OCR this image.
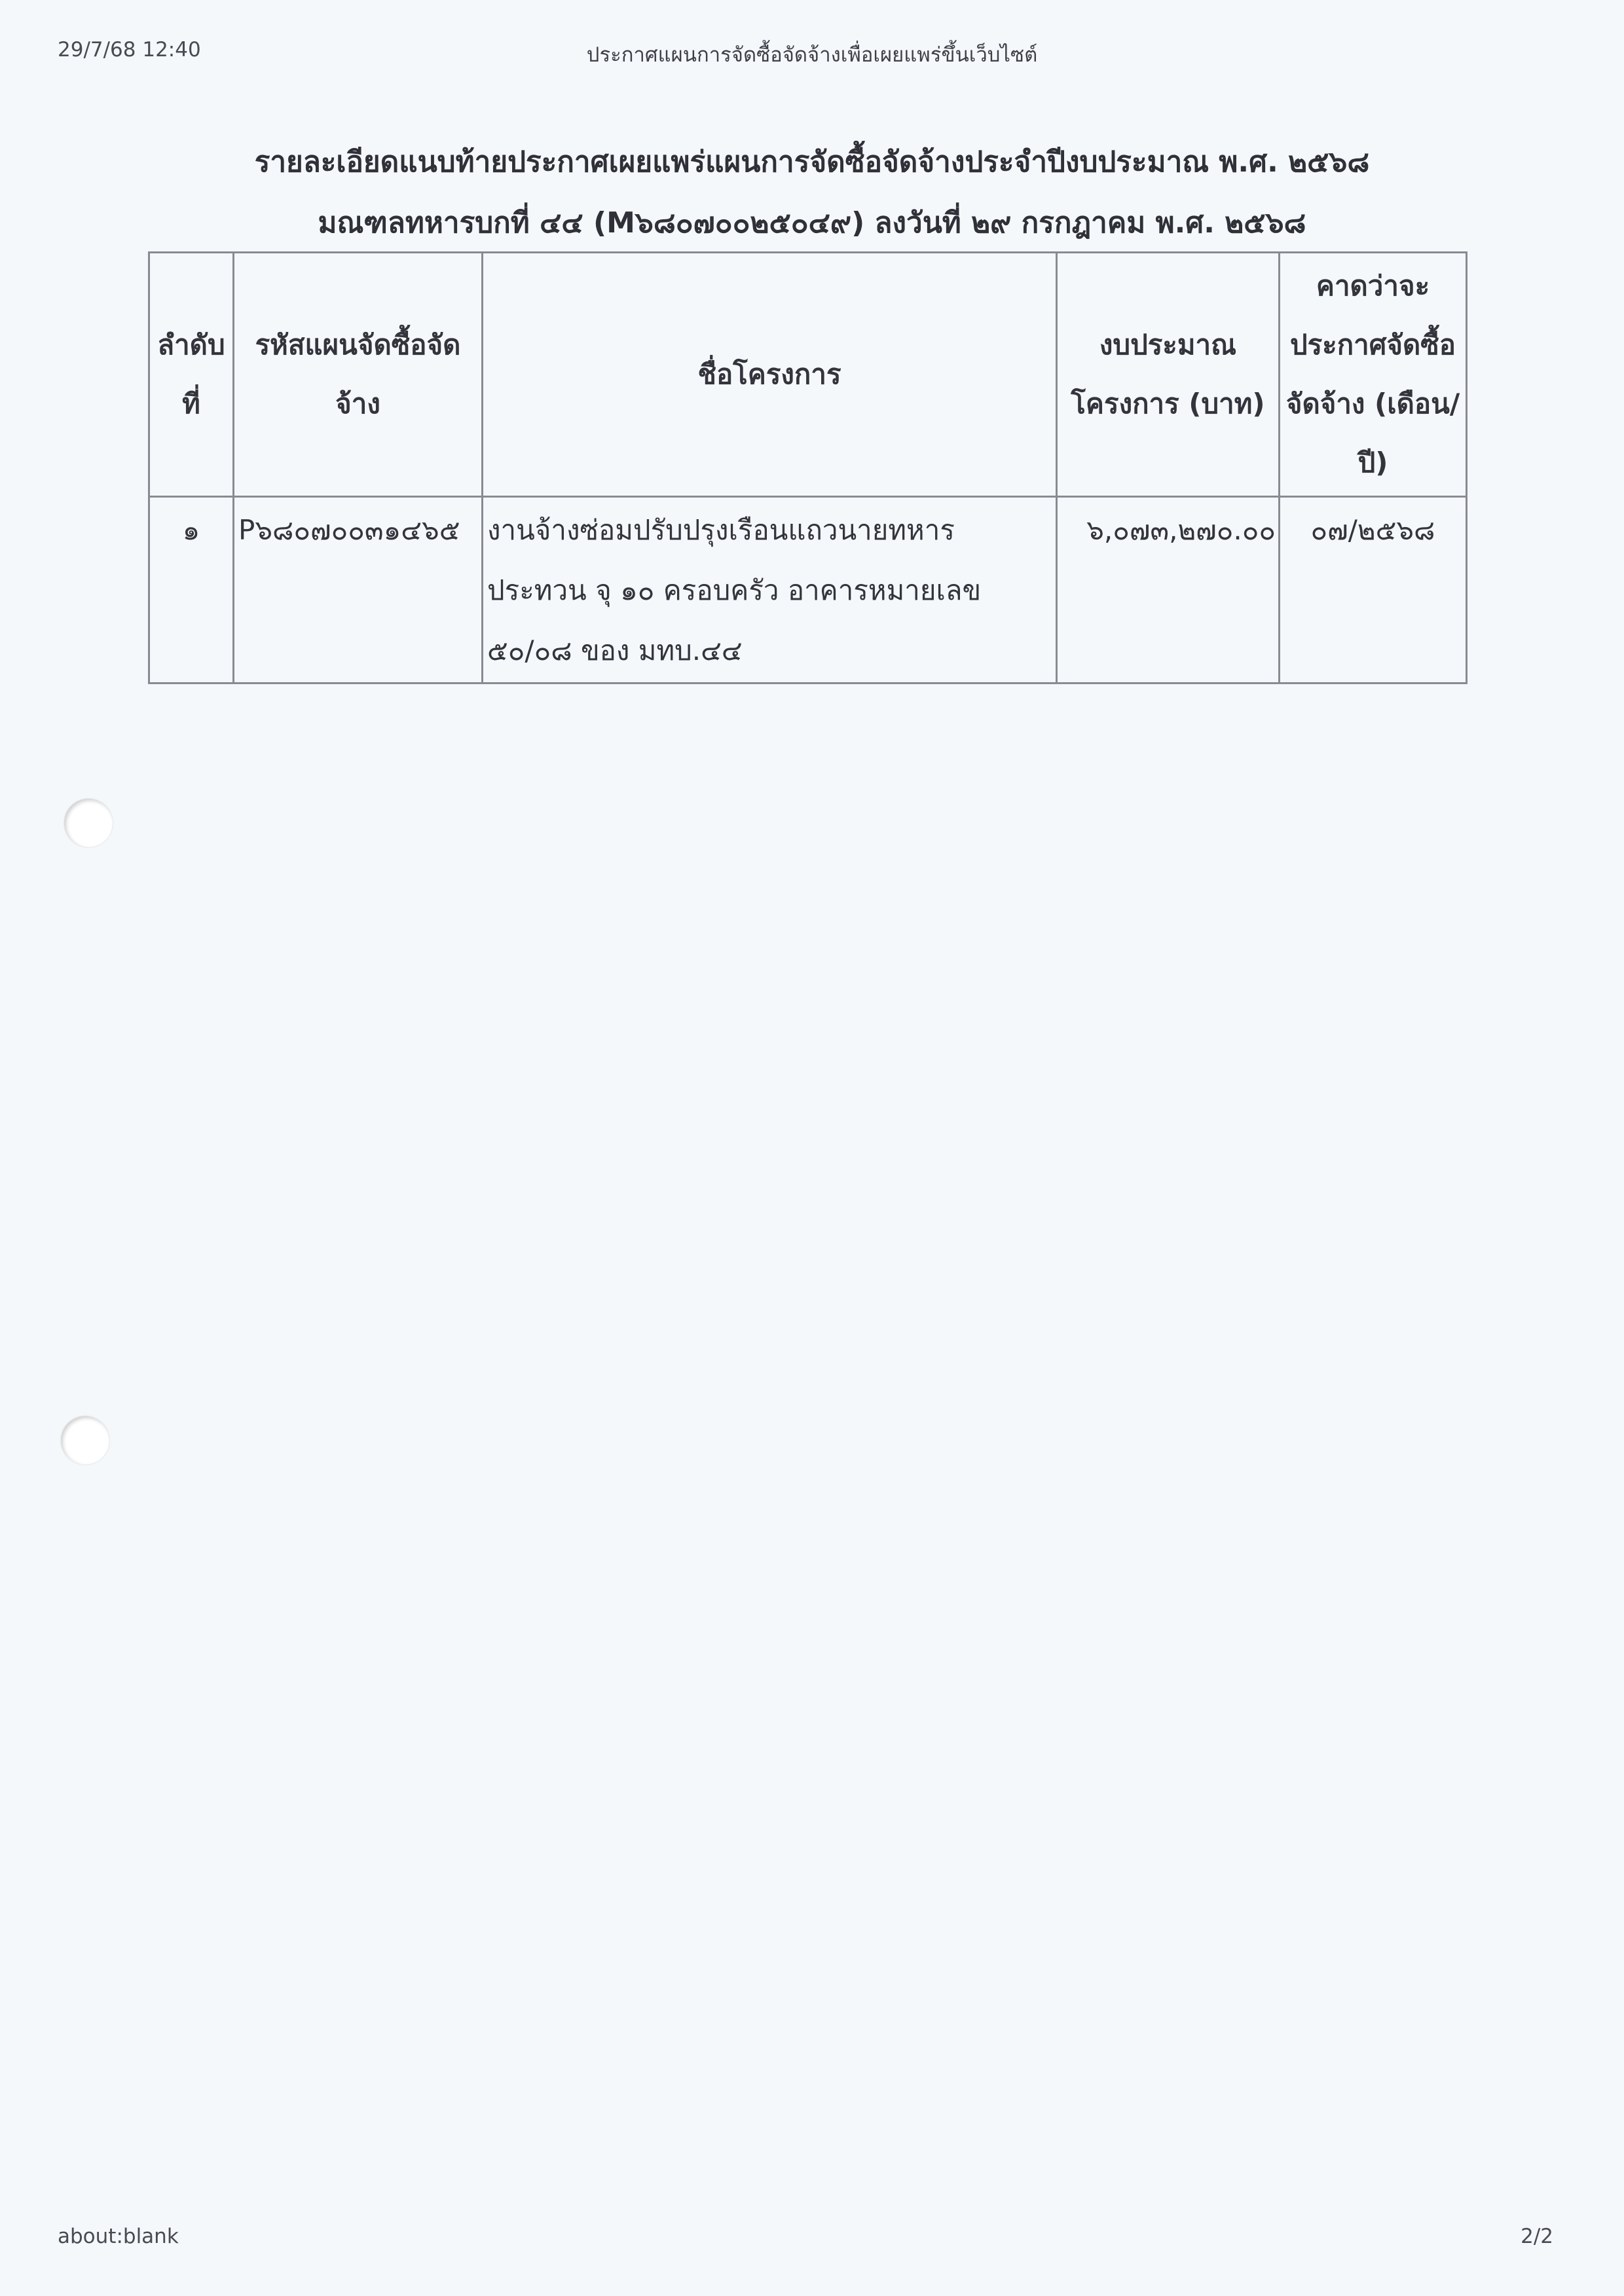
29/7/68 12:40	ประกาศแผนการจัดซื้อจัดจ้างเพื่อเผยแพร่ขึ้นเว็บไซต์
รายละเอียดแนบท้ายประกาศเผยแพร่แผนการจัดซื้อจัดจ้างประจำปีงบประมาณ พ.ศ. ๒๕๖๘
มณฑลทหารบกที่ ๔๔ (M๖๘๐๗๐๐๒๕๐๔๙) ลงวันที่ ๒๙ กรกฎาคม พ.ศ. ๒๕๖๘
ลำดับที่	รหัสแผนจัดซื้อจัดจ้าง	ชื่อโครงการ	งบประมาณโครงการ (บาท)	คาดว่าจะประกาศจัดซื้อจัดจ้าง (เดือน/ปี)
๑	P๖๘๐๗๐๐๓๑๔๖๕	งานจ้างซ่อมปรับปรุงเรือนแถวนายทหารประทวน จุ ๑๐ ครอบครัว อาคารหมายเลข ๕๐/๐๘ ของ มทบ.๔๔	๖,๐๗๓,๒๗๐.๐๐	๐๗/๒๕๖๘
about:blank	2/2
